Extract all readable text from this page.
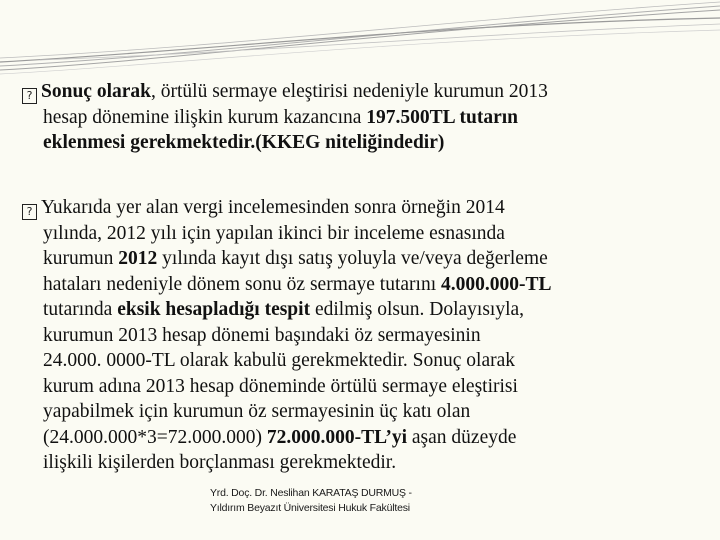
? Sonuç olarak, örtülü sermaye eleştirisi nedeniyle kurumun 2013
hesap dönemine ilişkin kurum kazancına 197.500TL tutarın
eklenmesi gerekmektedir.(KKEG niteliğindedir)
? Yukarıda yer alan vergi incelemesinden sonra örneğin 2014
yılında, 2012 yılı için yapılan ikinci bir inceleme esnasında
kurumun 2012 yılında kayıt dışı satış yoluyla ve/veya değerleme
hataları nedeniyle dönem sonu öz sermaye tutarını 4.000.000-TL
tutarında eksik hesapladığı tespit edilmiş olsun. Dolayısıyla,
kurumun 2013 hesap dönemi başındaki öz sermayesinin
24.000. 0000-TL olarak kabulü gerekmektedir. Sonuç olarak
kurum adına 2013 hesap döneminde örtülü sermaye eleştirisi
yapabilmek için kurumun öz sermayesinin üç katı olan
(24.000.000*3=72.000.000) 72.000.000-TL’yi aşan düzeyde
ilişkili kişilerden borçlanması gerekmektedir.
Yrd. Doç. Dr. Neslihan KARATAŞ DURMUŞ -
Yıldırım Beyazıt Üniversitesi Hukuk Fakültesi
